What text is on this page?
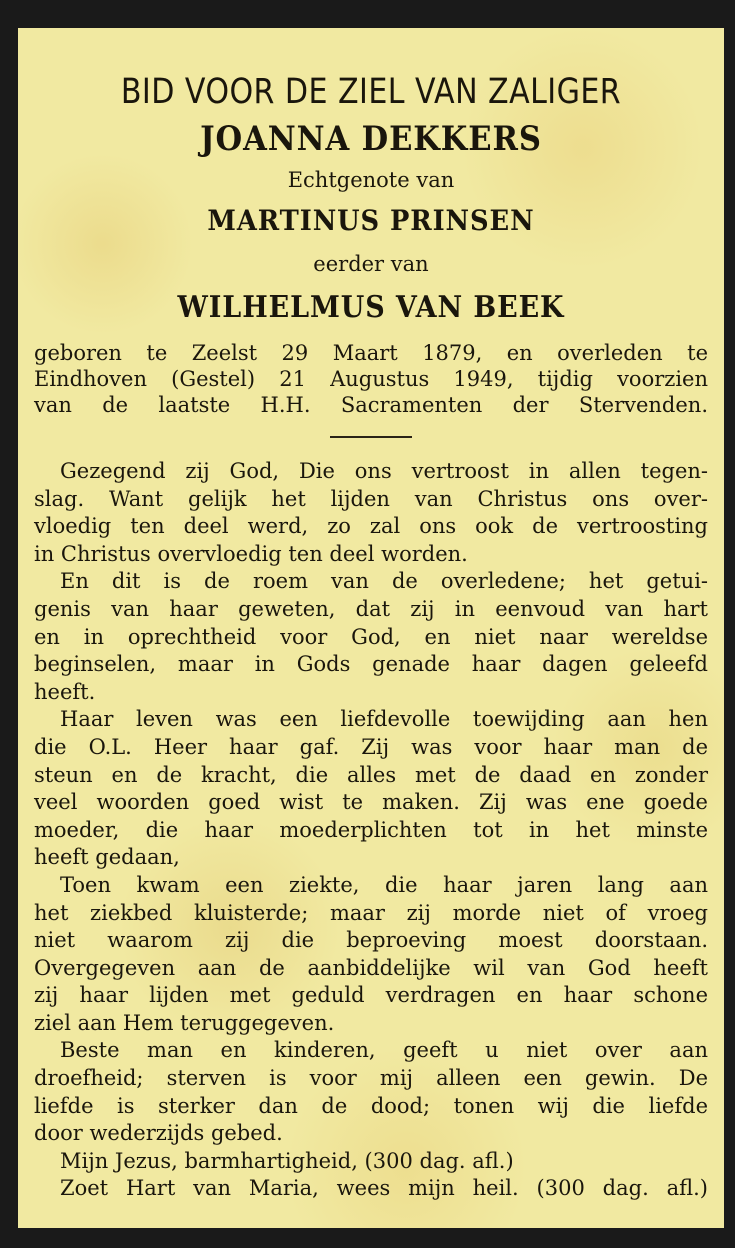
BID VOOR DE ZIEL VAN ZALIGER
JOANNA DEKKERS
Echtgenote van
MARTINUS PRINSEN
eerder van
WILHELMUS VAN BEEK
geboren te Zeelst 29 Maart 1879, en overleden te
Eindhoven (Gestel) 21 Augustus 1949, tijdig voorzien
van de laatste H.H. Sacramenten der Stervenden.
Gezegend zij God, Die ons vertroost in allen tegen-
slag. Want gelijk het lijden van Christus ons over-
vloedig ten deel werd, zo zal ons ook de vertroosting
in Christus overvloedig ten deel worden.
En dit is de roem van de overledene; het getui-
genis van haar geweten, dat zij in eenvoud van hart
en in oprechtheid voor God, en niet naar wereldse
beginselen, maar in Gods genade haar dagen geleefd
heeft.
Haar leven was een liefdevolle toewijding aan hen
die O.L. Heer haar gaf. Zij was voor haar man de
steun en de kracht, die alles met de daad en zonder
veel woorden goed wist te maken. Zij was ene goede
moeder, die haar moederplichten tot in het minste
heeft gedaan,
Toen kwam een ziekte, die haar jaren lang aan
het ziekbed kluisterde; maar zij morde niet of vroeg
niet waarom zij die beproeving moest doorstaan.
Overgegeven aan de aanbiddelijke wil van God heeft
zij haar lijden met geduld verdragen en haar schone
ziel aan Hem teruggegeven.
Beste man en kinderen, geeft u niet over aan
droefheid; sterven is voor mij alleen een gewin. De
liefde is sterker dan de dood; tonen wij die liefde
door wederzijds gebed.
Mijn Jezus, barmhartigheid, (300 dag. afl.)
Zoet Hart van Maria, wees mijn heil. (300 dag. afl.)
